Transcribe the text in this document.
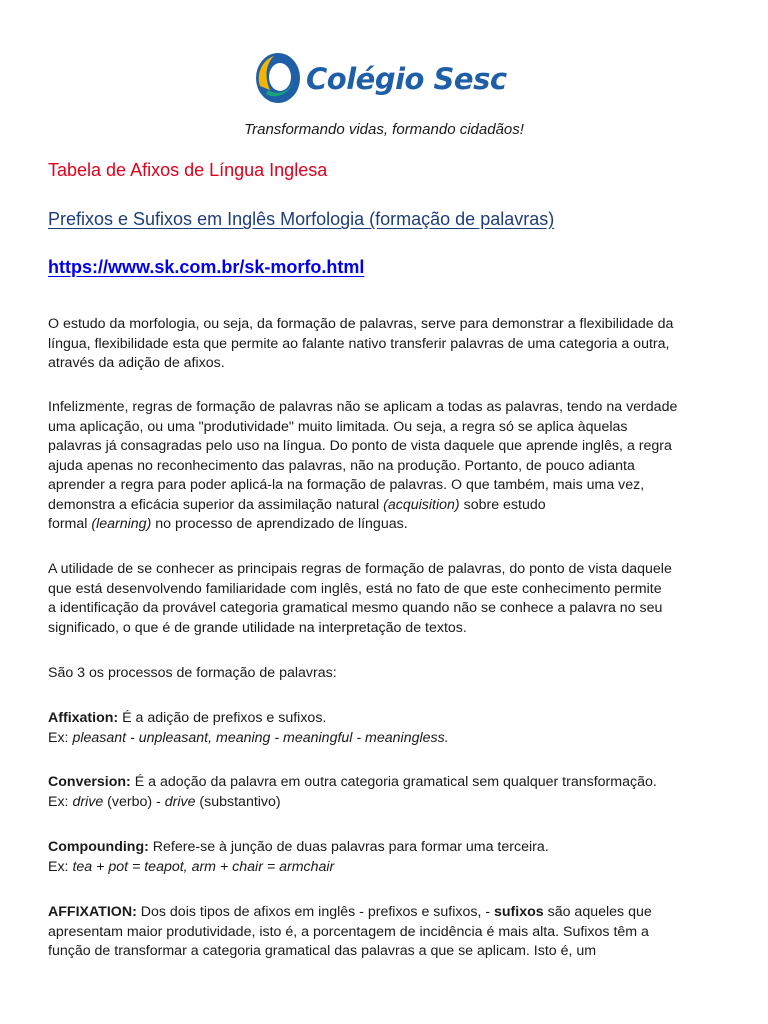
Colégio Sesc
Transformando vidas, formando cidadãos!
Tabela de Afixos de Língua Inglesa
Prefixos e Sufixos em Inglês Morfologia (formação de palavras)
https://www.sk.com.br/sk-morfo.html

O estudo da morfologia, ou seja, da formação de palavras, serve para demonstrar a flexibilidade da
língua, flexibilidade esta que permite ao falante nativo transferir palavras de uma categoria a outra,
através da adição de afixos.

Infelizmente, regras de formação de palavras não se aplicam a todas as palavras, tendo na verdade
uma aplicação, ou uma "produtividade" muito limitada. Ou seja, a regra só se aplica àquelas
palavras já consagradas pelo uso na língua. Do ponto de vista daquele que aprende inglês, a regra
ajuda apenas no reconhecimento das palavras, não na produção. Portanto, de pouco adianta
aprender a regra para poder aplicá-la na formação de palavras. O que também, mais uma vez,
demonstra a eficácia superior da assimilação natural (acquisition) sobre estudo
formal (learning) no processo de aprendizado de línguas.

A utilidade de se conhecer as principais regras de formação de palavras, do ponto de vista daquele
que está desenvolvendo familiaridade com inglês, está no fato de que este conhecimento permite
a identificação da provável categoria gramatical mesmo quando não se conhece a palavra no seu
significado, o que é de grande utilidade na interpretação de textos.

São 3 os processos de formação de palavras:

Affixation: É a adição de prefixos e sufixos.
Ex: pleasant - unpleasant, meaning - meaningful - meaningless.

Conversion: É a adoção da palavra em outra categoria gramatical sem qualquer transformação.
Ex: drive (verbo) - drive (substantivo)

Compounding: Refere-se à junção de duas palavras para formar uma terceira.
Ex: tea + pot = teapot, arm + chair = armchair

AFFIXATION: Dos dois tipos de afixos em inglês - prefixos e sufixos, - sufixos são aqueles que
apresentam maior produtividade, isto é, a porcentagem de incidência é mais alta. Sufixos têm a
função de transformar a categoria gramatical das palavras a que se aplicam. Isto é, um
